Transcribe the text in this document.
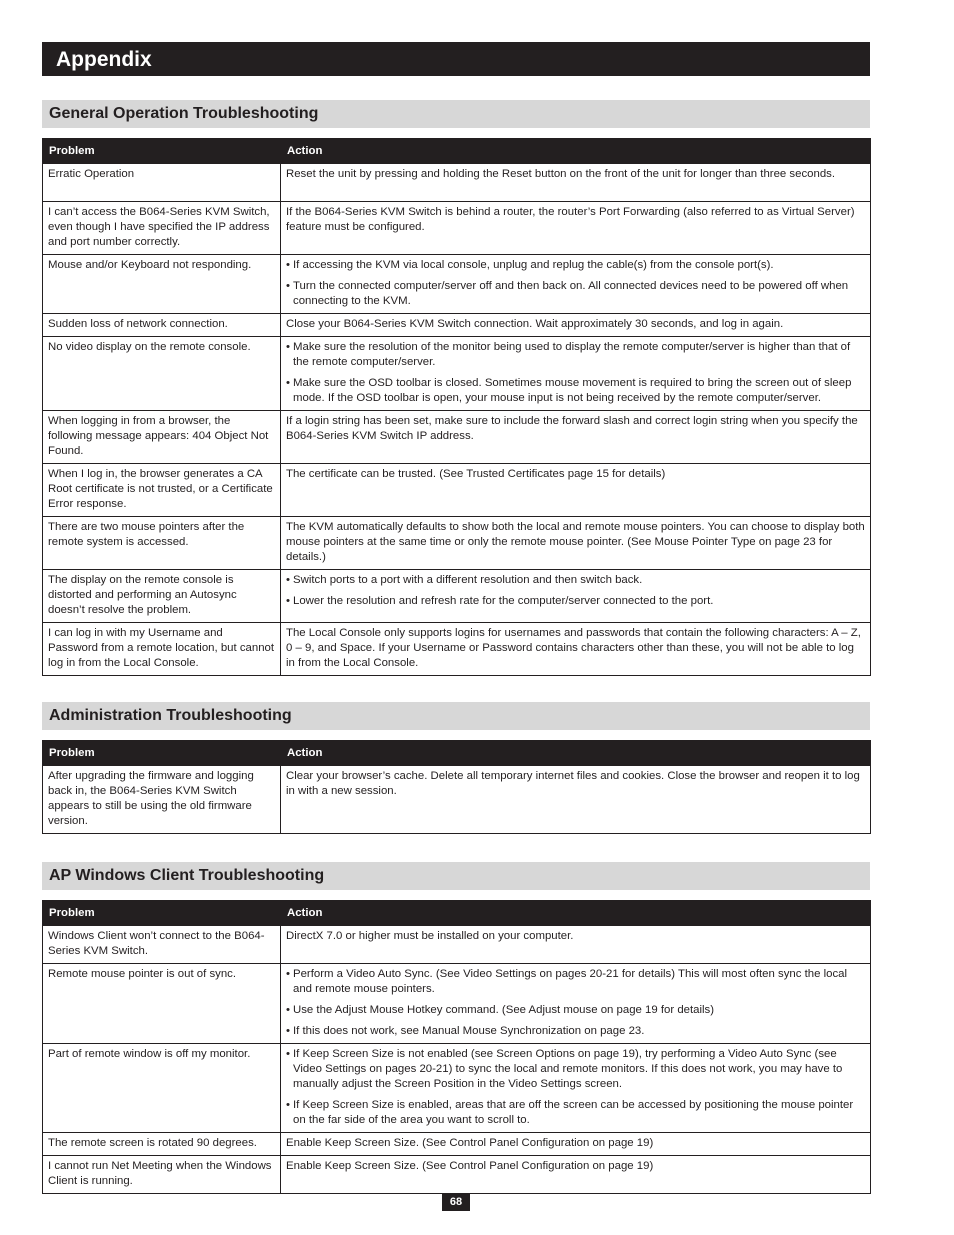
Appendix
General Operation Troubleshooting
Problem	Action
Erratic Operation	Reset the unit by pressing and holding the Reset button on the front of the unit for longer than three seconds.

I can’t access the B064-Series KVM Switch, even though I have specified the IP address and port number correctly.	If the B064-Series KVM Switch is behind a router, the router’s Port Forwarding (also referred to as Virtual Server) feature must be configured.

Mouse and/or Keyboard not responding.	• If accessing the KVM via local console, unplug and replug the cable(s) from the console port(s).
• Turn the connected computer/server off and then back on. All connected devices need to be powered off when connecting to the KVM.

Sudden loss of network connection.	Close your B064-Series KVM Switch connection. Wait approximately 30 seconds, and log in again.

No video display on the remote console.	• Make sure the resolution of the monitor being used to display the remote computer/server is higher than that of the remote computer/server.
• Make sure the OSD toolbar is closed. Sometimes mouse movement is required to bring the screen out of sleep mode. If the OSD toolbar is open, your mouse input is not being received by the remote computer/server.

When logging in from a browser, the following message appears: 404 Object Not Found.	If a login string has been set, make sure to include the forward slash and correct login string when you specify the B064-Series KVM Switch IP address.

When I log in, the browser generates a CA Root certificate is not trusted, or a Certificate Error response.	The certificate can be trusted. (See Trusted Certificates page 15 for details)

There are two mouse pointers after the remote system is accessed.	The KVM automatically defaults to show both the local and remote mouse pointers. You can choose to display both mouse pointers at the same time or only the remote mouse pointer. (See Mouse Pointer Type on page 23 for details.)

The display on the remote console is distorted and performing an Autosync doesn’t resolve the problem.	• Switch ports to a port with a different resolution and then switch back.
• Lower the resolution and refresh rate for the computer/server connected to the port.

I can log in with my Username and Password from a remote location, but cannot log in from the Local Console.	The Local Console only supports logins for usernames and passwords that contain the following characters: A – Z, 0 – 9, and Space. If your Username or Password contains characters other than these, you will not be able to log in from the Local Console.
Administration Troubleshooting
Problem	Action
After upgrading the firmware and logging back in, the B064-Series KVM Switch appears to still be using the old firmware version.	Clear your browser’s cache. Delete all temporary internet files and cookies. Close the browser and reopen it to log in with a new session.
AP Windows Client Troubleshooting
Problem	Action
Windows Client won’t connect to the B064-Series KVM Switch.	DirectX 7.0 or higher must be installed on your computer.

Remote mouse pointer is out of sync.	• Perform a Video Auto Sync. (See Video Settings on pages 20-21 for details) This will most often sync the local and remote mouse pointers.
• Use the Adjust Mouse Hotkey command. (See Adjust mouse on page 19 for details)
• If this does not work, see Manual Mouse Synchronization on page 23.

Part of remote window is off my monitor.	• If Keep Screen Size is not enabled (see Screen Options on page 19), try performing a Video Auto Sync (see Video Settings on pages 20-21) to sync the local and remote monitors. If this does not work, you may have to manually adjust the Screen Position in the Video Settings screen.
• If Keep Screen Size is enabled, areas that are off the screen can be accessed by positioning the mouse pointer on the far side of the area you want to scroll to.

The remote screen is rotated 90 degrees.	Enable Keep Screen Size. (See Control Panel Configuration on page 19)

I cannot run Net Meeting when the Windows Client is running.	Enable Keep Screen Size. (See Control Panel Configuration on page 19)
68
